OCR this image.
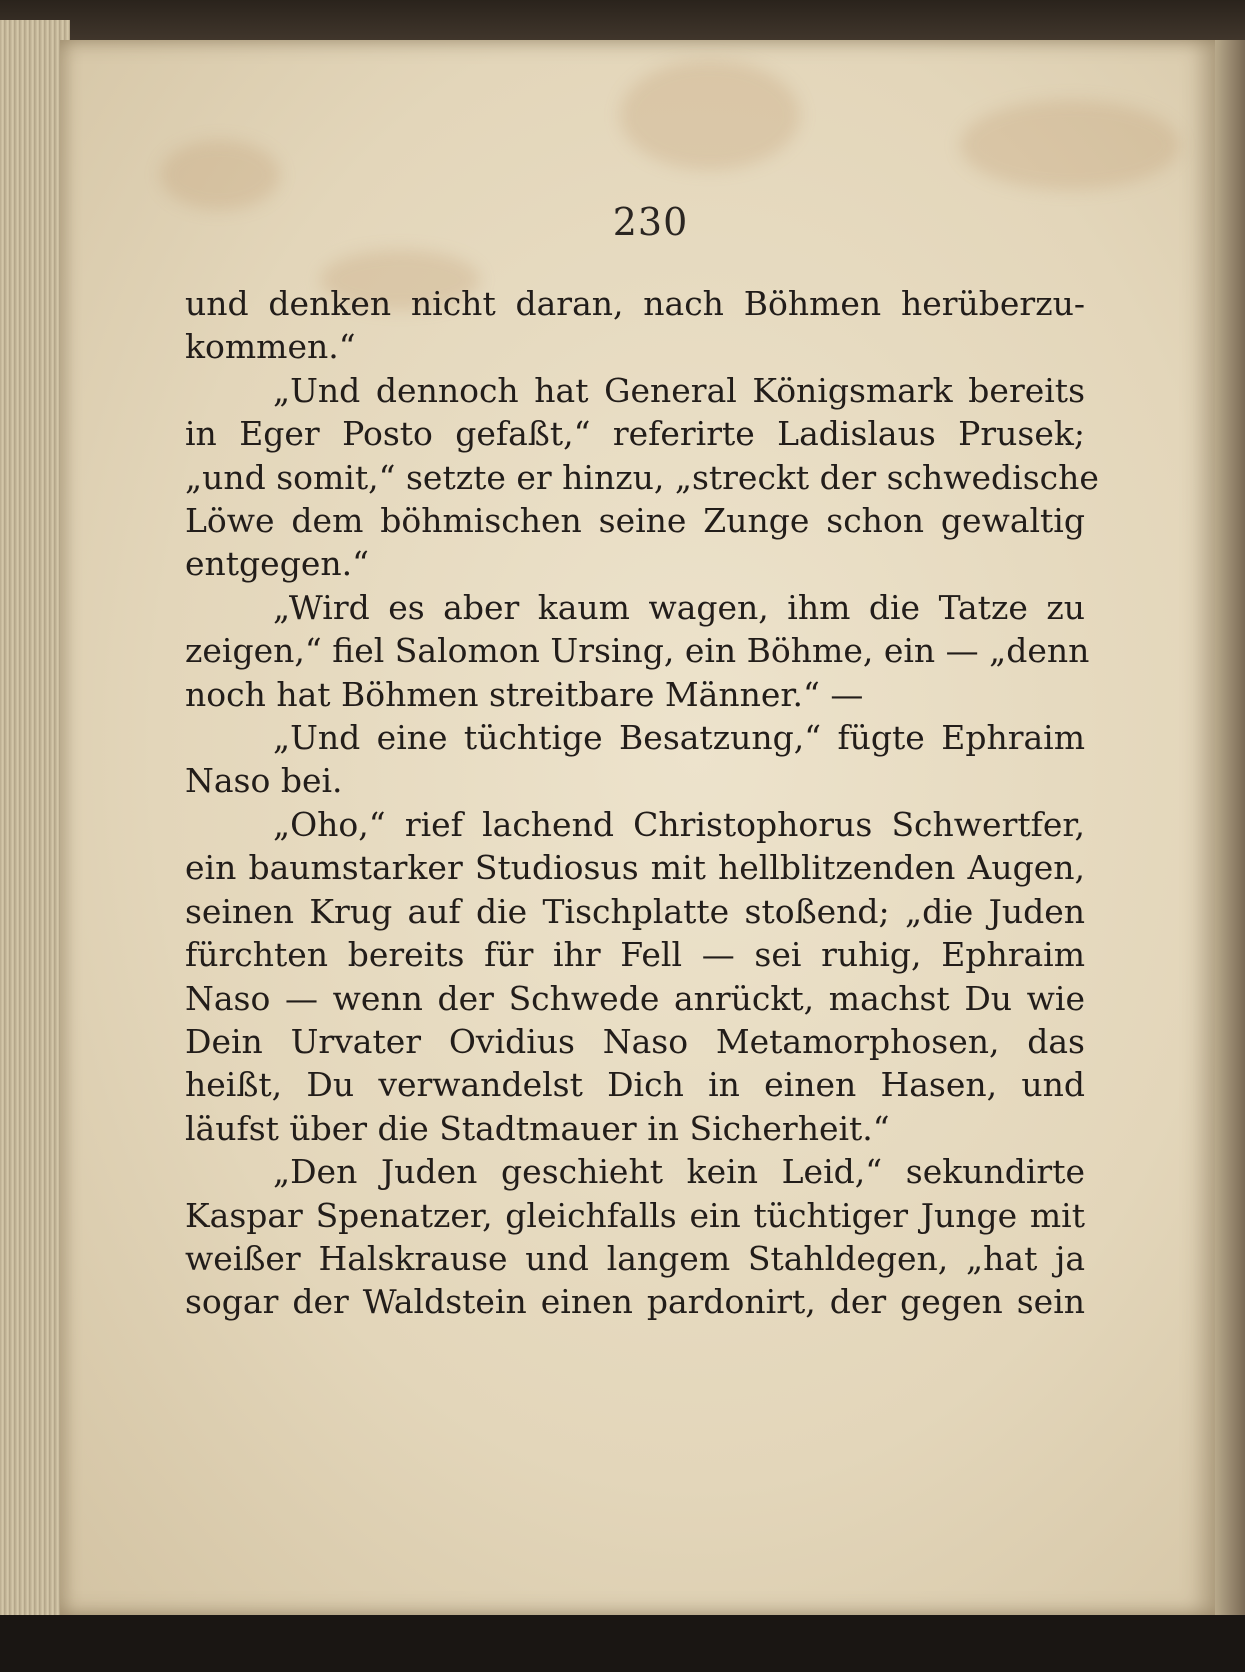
230
und denken nicht daran, nach Böhmen herüberzu-
kommen.“
„Und dennoch hat General Königsmark bereits
in Eger Posto gefaßt,“ referirte Ladislaus Prusek;
„und somit,“ setzte er hinzu, „streckt der schwedische
Löwe dem böhmischen seine Zunge schon gewaltig
entgegen.“
„Wird es aber kaum wagen, ihm die Tatze zu
zeigen,“ fiel Salomon Ursing, ein Böhme, ein — „denn
noch hat Böhmen streitbare Männer.“ —
„Und eine tüchtige Besatzung,“ fügte Ephraim
Naso bei.
„Oho,“ rief lachend Christophorus Schwertfer,
ein baumstarker Studiosus mit hellblitzenden Augen,
seinen Krug auf die Tischplatte stoßend; „die Juden
fürchten bereits für ihr Fell — sei ruhig, Ephraim
Naso — wenn der Schwede anrückt, machst Du wie
Dein Urvater Ovidius Naso Metamorphosen, das
heißt, Du verwandelst Dich in einen Hasen, und
läufst über die Stadtmauer in Sicherheit.“
„Den Juden geschieht kein Leid,“ sekundirte
Kaspar Spenatzer, gleichfalls ein tüchtiger Junge mit
weißer Halskrause und langem Stahldegen, „hat ja
sogar der Waldstein einen pardonirt, der gegen sein
